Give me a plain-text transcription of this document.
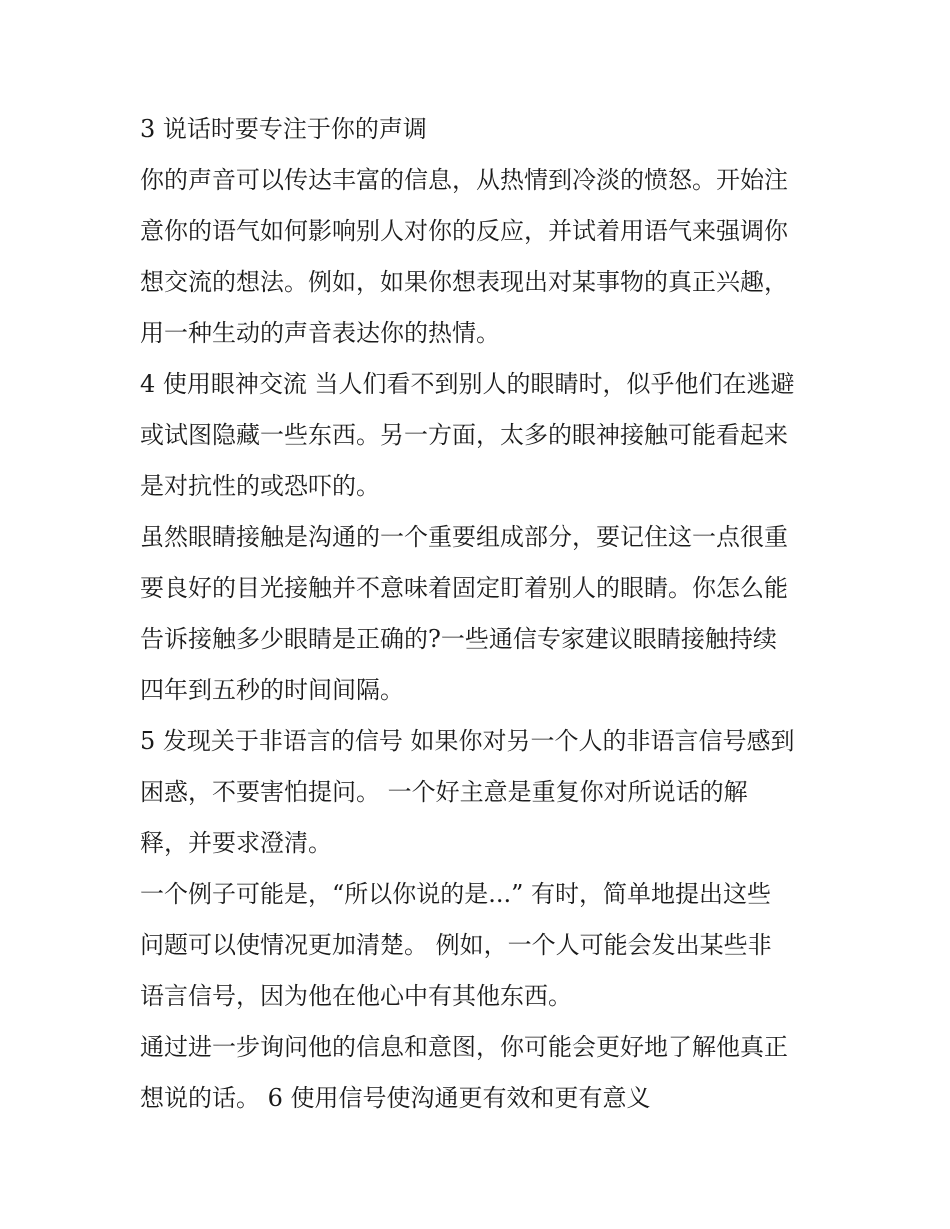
3 说话时要专注于你的声调
你的声音可以传达丰富的信息，从热情到冷淡的愤怒。开始注
意你的语气如何影响别人对你的反应，并试着用语气来强调你
想交流的想法。例如，如果你想表现出对某事物的真正兴趣，
用一种生动的声音表达你的热情。
4 使用眼神交流 当人们看不到别人的眼睛时，似乎他们在逃避
或试图隐藏一些东西。另一方面，太多的眼神接触可能看起来
是对抗性的或恐吓的。
虽然眼睛接触是沟通的一个重要组成部分，要记住这一点很重
要良好的目光接触并不意味着固定盯着别人的眼睛。你怎么能
告诉接触多少眼睛是正确的?一些通信专家建议眼睛接触持续
四年到五秒的时间间隔。
5 发现关于非语言的信号 如果你对另一个人的非语言信号感到
困惑，不要害怕提问。 一个好主意是重复你对所说话的解
释，并要求澄清。
一个例子可能是，“所以你说的是...” 有时，简单地提出这些
问题可以使情况更加清楚。 例如，一个人可能会发出某些非
语言信号，因为他在他心中有其他东西。
通过进一步询问他的信息和意图，你可能会更好地了解他真正
想说的话。 6 使用信号使沟通更有效和更有意义
